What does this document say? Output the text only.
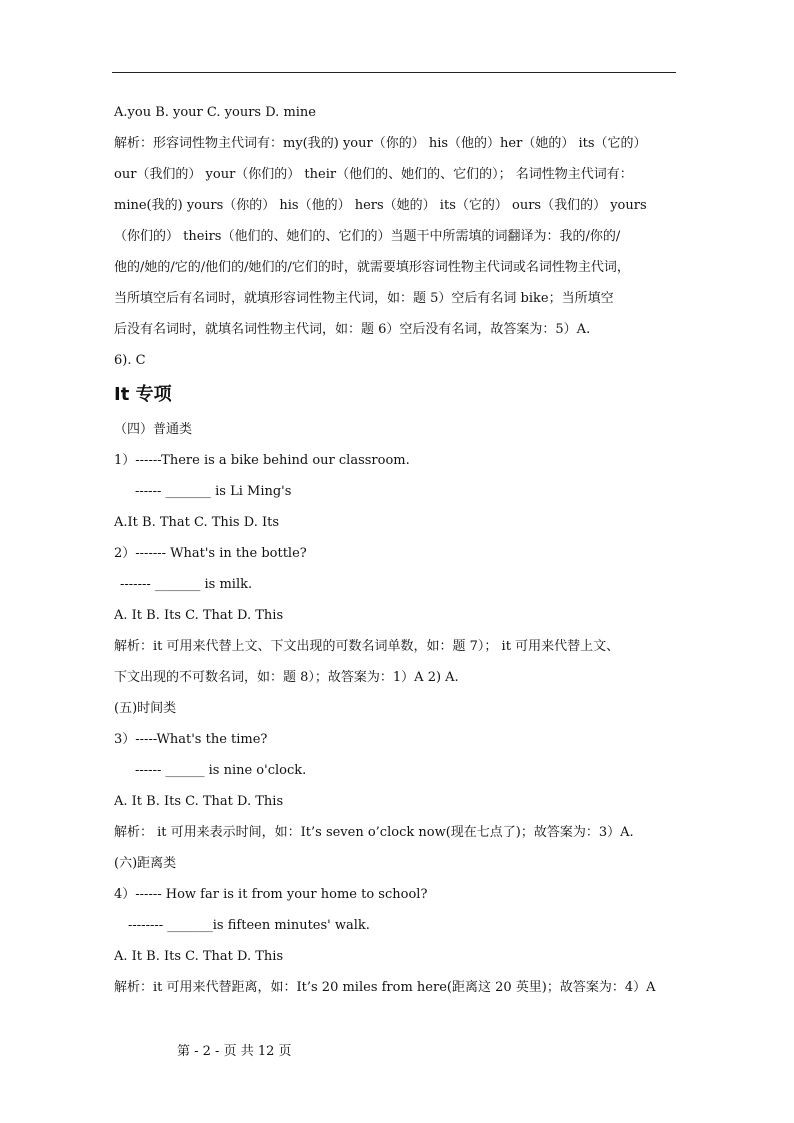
A.you B. your C. yours D. mine
解析：形容词性物主代词有：my(我的) your（你的） his（他的）her（她的） its（它的）
our（我们的） your（你们的） their（他们的、她们的、它们的）； 名词性物主代词有：
mine(我的) yours（你的） his（他的） hers（她的） its（它的） ours（我们的） yours
（你们的） theirs（他们的、她们的、它们的）当题干中所需填的词翻译为：我的/你的/
他的/她的/它的/他们的/她们的/它们的时，就需要填形容词性物主代词或名词性物主代词，
当所填空后有名词时，就填形容词性物主代词，如：题 5）空后有名词 bike；当所填空
后没有名词时，就填名词性物主代词，如：题 6）空后没有名词，故答案为：5）A.
6). C
It 专项
（四）普通类
1）------There is a bike behind our classroom.
------ _______ is Li Ming's
A.It B. That C. This D. Its
2）------- What's in the bottle?
------- _______ is milk.
A. It B. Its C. That D. This
解析：it 可用来代替上文、下文出现的可数名词单数，如：题 7）； it 可用来代替上文、
下文出现的不可数名词，如：题 8）；故答案为：1）A 2) A.
(五)时间类
3）-----What's the time?
------ ______ is nine o'clock.
A. It B. Its C. That D. This
解析： it 可用来表示时间，如：It’s seven o’clock now(现在七点了)；故答案为：3）A.
(六)距离类
4）------ How far is it from your home to school?
-------- _______is fifteen minutes' walk.
A. It B. Its C. That D. This
解析：it 可用来代替距离，如：It’s 20 miles from here(距离这 20 英里)；故答案为：4）A
第 - 2 - 页 共 12 页
